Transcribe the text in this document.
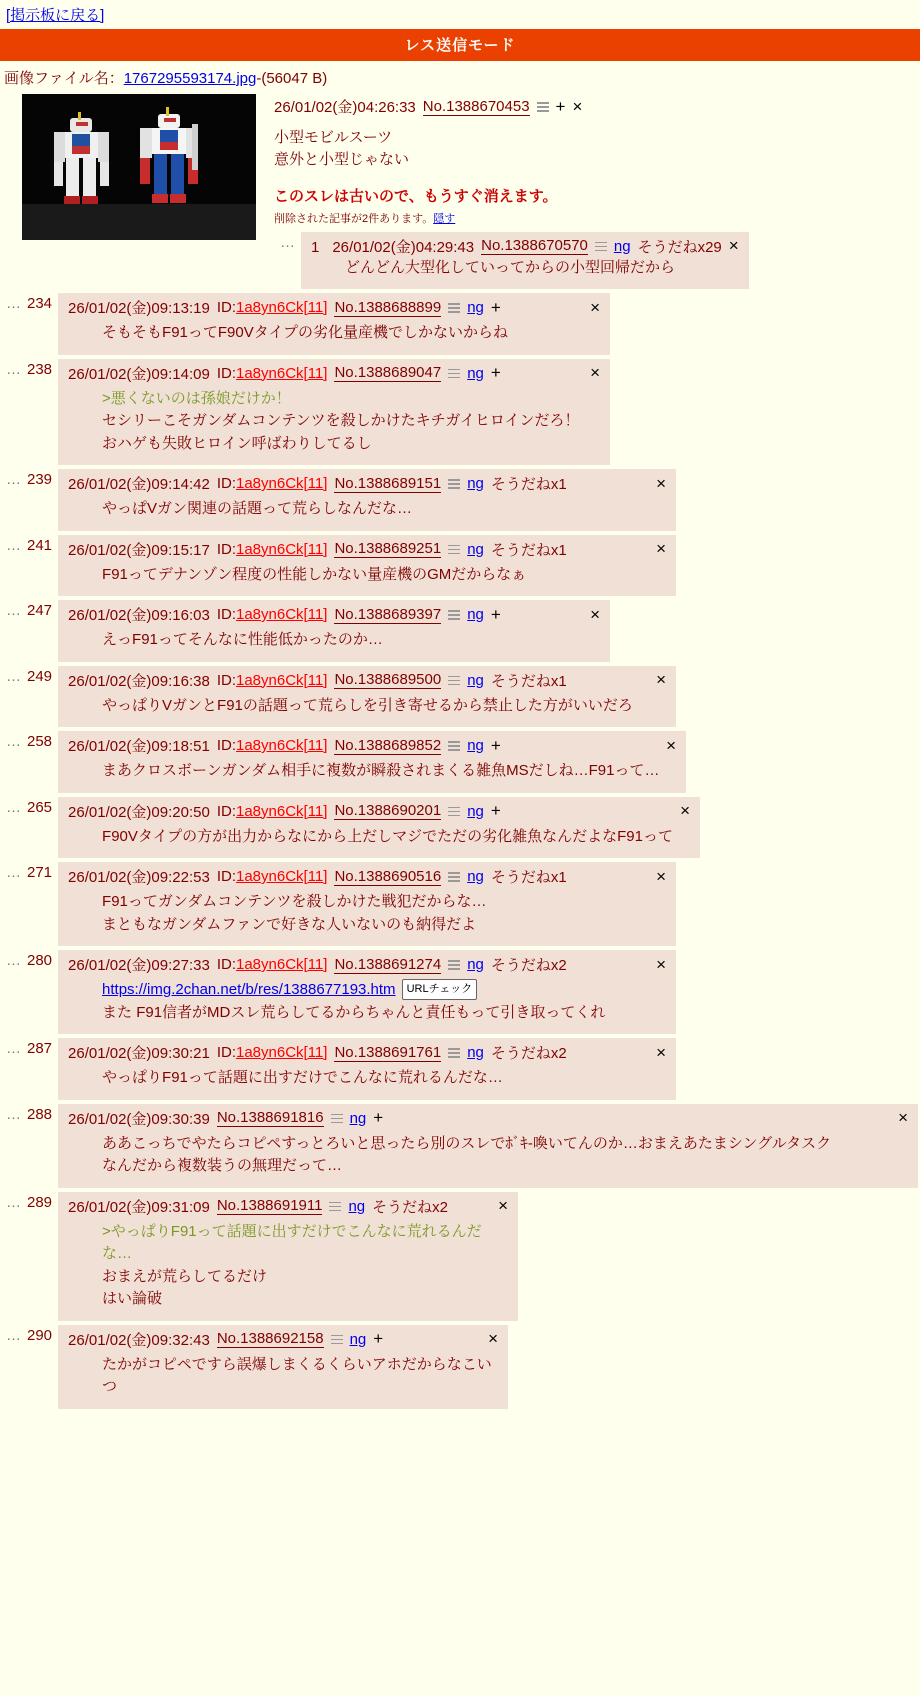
[掲示板に戻る]
レス送信モード
画像ファイル名：1767295593174.jpg-(56047 B)
26/01/02(金)04:26:33 No.1388670453 + ×
小型モビルスーツ
意外と小型じゃない
このスレは古いので、もうすぐ消えます。
削除された記事が2件あります。隠す
…	1 26/01/02(金)04:29:43 No.1388670570 ng そうだねx29 ×
どんどん大型化していってからの小型回帰だから
… 234 26/01/02(金)09:13:19 ID:1a8yn6Ck[11] No.1388688899 ng +	×
そもそもF91ってF90Vタイプの劣化量産機でしかないからね
… 238 26/01/02(金)09:14:09 ID:1a8yn6Ck[11] No.1388689047 ng +	×
>悪くないのは孫娘だけか！
セシリーこそガンダムコンテンツを殺しかけたキチガイヒロインだろ！
おハゲも失敗ヒロイン呼ばわりしてるし
… 239 26/01/02(金)09:14:42 ID:1a8yn6Ck[11] No.1388689151 ng そうだねx1	×
やっぱVガン関連の話題って荒らしなんだな…
… 241 26/01/02(金)09:15:17 ID:1a8yn6Ck[11] No.1388689251 ng そうだねx1	×
F91ってデナンゾン程度の性能しかない量産機のGMだからなぁ
… 247 26/01/02(金)09:16:03 ID:1a8yn6Ck[11] No.1388689397 ng +	×
えっF91ってそんなに性能低かったのか…
… 249 26/01/02(金)09:16:38 ID:1a8yn6Ck[11] No.1388689500 ng そうだねx1	×
やっぱりVガンとF91の話題って荒らしを引き寄せるから禁止した方がいいだろ
… 258 26/01/02(金)09:18:51 ID:1a8yn6Ck[11] No.1388689852 ng +	×
まあクロスボーンガンダム相手に複数が瞬殺されまくる雑魚MSだしね…F91って…
… 265 26/01/02(金)09:20:50 ID:1a8yn6Ck[11] No.1388690201 ng +	×
F90Vタイプの方が出力からなにから上だしマジでただの劣化雑魚なんだよなF91って
… 271 26/01/02(金)09:22:53 ID:1a8yn6Ck[11] No.1388690516 ng そうだねx1	×
F91ってガンダムコンテンツを殺しかけた戦犯だからな…
まともなガンダムファンで好きな人いないのも納得だよ
… 280 26/01/02(金)09:27:33 ID:1a8yn6Ck[11] No.1388691274 ng そうだねx2	×
https://img.2chan.net/b/res/1388677193.htm URLチェック
また F91信者がMDスレ荒らしてるからちゃんと責任もって引き取ってくれ
… 287 26/01/02(金)09:30:21 ID:1a8yn6Ck[11] No.1388691761 ng そうだねx2	×
やっぱりF91って話題に出すだけでこんなに荒れるんだな…
… 288 26/01/02(金)09:30:39 No.1388691816 ng +	×
ああこっちでやたらコピペすっとろいと思ったら別のスレでﾎﾞｷ-喚いてんのか…おまえあたまシングルタスク
なんだから複数装うの無理だって…
… 289 26/01/02(金)09:31:09 No.1388691911 ng そうだねx2	×
>やっぱりF91って話題に出すだけでこんなに荒れるんだな…
おまえが荒らしてるだけ
はい論破
… 290 26/01/02(金)09:32:43 No.1388692158 ng +	×
たかがコピペですら誤爆しまくるくらいアホだからなこいつ
